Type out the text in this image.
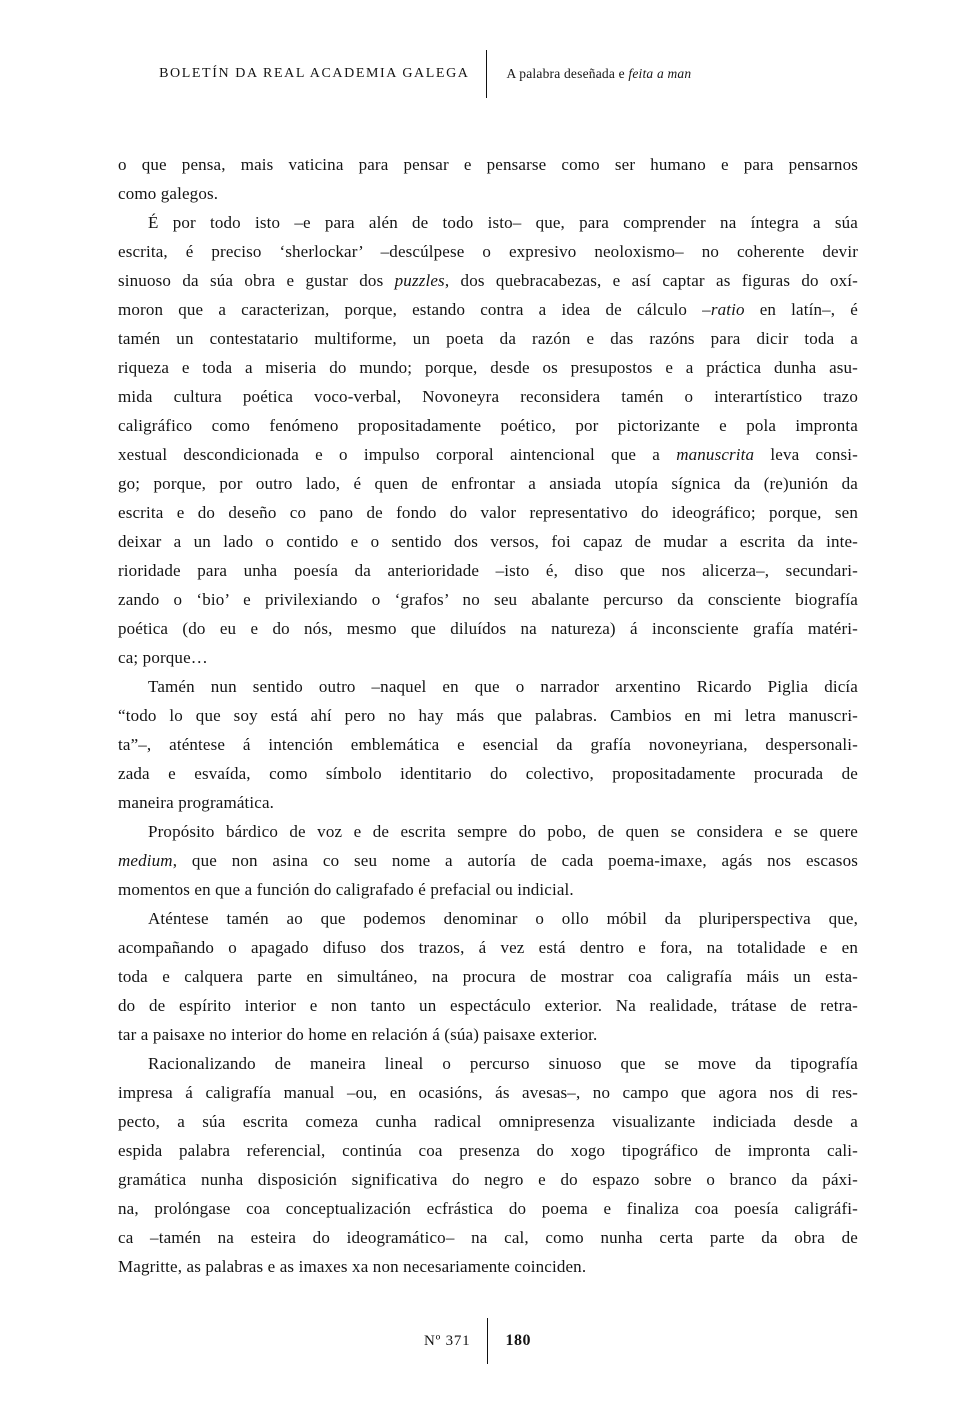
BOLETÍN DA REAL ACADEMIA GALEGA	A palabra deseñada e feita a man
o que pensa, mais vaticina para pensar e pensarse como ser humano e para pensarnos
como galegos.
É por todo isto –e para alén de todo isto– que, para comprender na íntegra a súa
escrita, é preciso ‘sherlockar’ –descúlpese o expresivo neoloxismo– no coherente devir
sinuoso da súa obra e gustar dos puzzles, dos quebracabezas, e así captar as figuras do oxí-
moron que a caracterizan, porque, estando contra a idea de cálculo –ratio en latín–, é
tamén un contestatario multiforme, un poeta da razón e das razóns para dicir toda a
riqueza e toda a miseria do mundo; porque, desde os presupostos e a práctica dunha asu-
mida cultura poética voco-verbal, Novoneyra reconsidera tamén o interartístico trazo
caligráfico como fenómeno propositadamente poético, por pictorizante e pola impronta
xestual descondicionada e o impulso corporal aintencional que a manuscrita leva consi-
go; porque, por outro lado, é quen de enfrontar a ansiada utopía sígnica da (re)unión da
escrita e do deseño co pano de fondo do valor representativo do ideográfico; porque, sen
deixar a un lado o contido e o sentido dos versos, foi capaz de mudar a escrita da inte-
rioridade para unha poesía da anterioridade –isto é, diso que nos alicerza–, secundari-
zando o ‘bio’ e privilexiando o ‘grafos’ no seu abalante percurso da consciente biografía
poética (do eu e do nós, mesmo que diluídos na natureza) á inconsciente grafía matéri-
ca; porque…
Tamén nun sentido outro –naquel en que o narrador arxentino Ricardo Piglia dicía
“todo lo que soy está ahí pero no hay más que palabras. Cambios en mi letra manuscri-
ta”–, aténtese á intención emblemática e esencial da grafía novoneyriana, despersonali-
zada e esvaída, como símbolo identitario do colectivo, propositadamente procurada de
maneira programática.
Propósito bárdico de voz e de escrita sempre do pobo, de quen se considera e se quere
medium, que non asina co seu nome a autoría de cada poema-imaxe, agás nos escasos
momentos en que a función do caligrafado é prefacial ou indicial.
Aténtese tamén ao que podemos denominar o ollo móbil da pluriperspectiva que,
acompañando o apagado difuso dos trazos, á vez está dentro e fora, na totalidade e en
toda e calquera parte en simultáneo, na procura de mostrar coa caligrafía máis un esta-
do de espírito interior e non tanto un espectáculo exterior. Na realidade, trátase de retra-
tar a paisaxe no interior do home en relación á (súa) paisaxe exterior.
Racionalizando de maneira lineal o percurso sinuoso que se move da tipografía
impresa á caligrafía manual –ou, en ocasións, ás avesas–, no campo que agora nos di res-
pecto, a súa escrita comeza cunha radical omnipresenza visualizante indiciada desde a
espida palabra referencial, continúa coa presenza do xogo tipográfico de impronta cali-
gramática nunha disposición significativa do negro e do espazo sobre o branco da páxi-
na, prolóngase coa conceptualización ecfrástica do poema e finaliza coa poesía caligráfi-
ca –tamén na esteira do ideogramático– na cal, como nunha certa parte da obra de
Magritte, as palabras e as imaxes xa non necesariamente coinciden.
Nº 371	180
